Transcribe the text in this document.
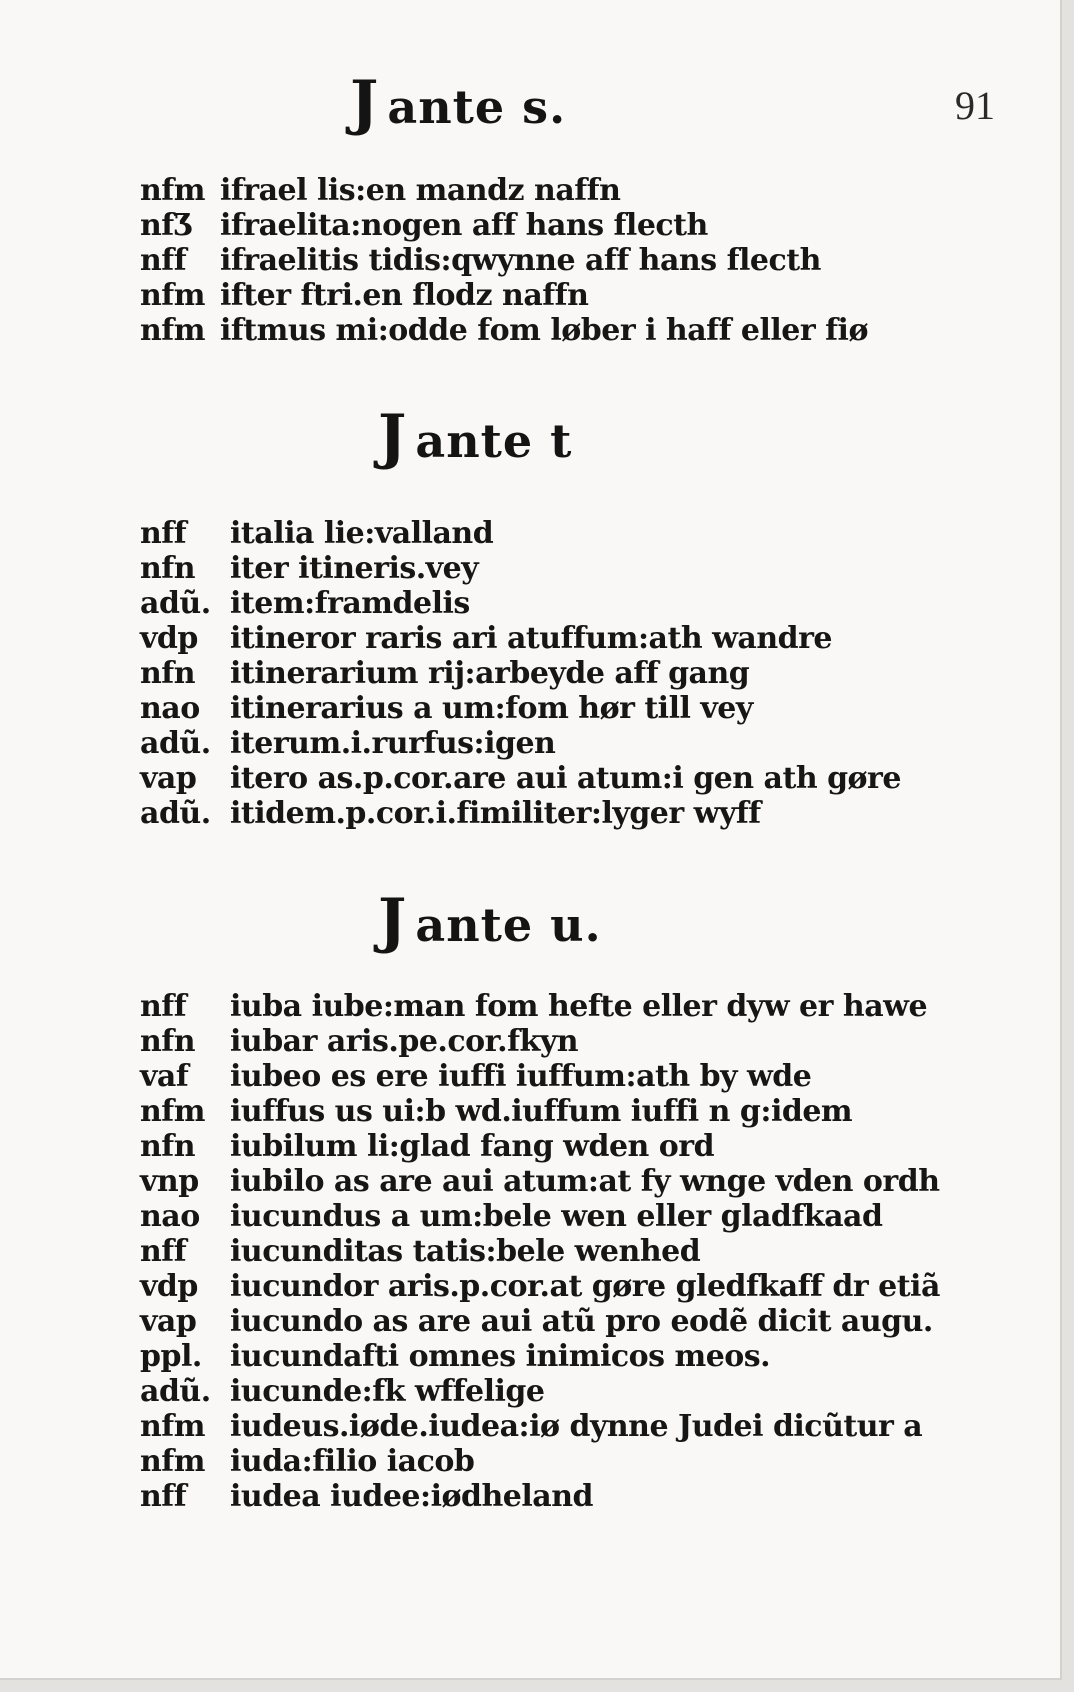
91
J ante s.
nfm ifrael lis:en mandz naffn
nfƷ ifraelita:nogen aff hans flecth
nff ifraelitis tidis:qwynne aff hans flecth
nfm ifter ftri.en flodz naffn
nfm iftmus mi:odde fom løber i haff eller fiø
J ante t
nff italia lie:valland
nfn iter itineris.vey
adũ. item:framdelis
vdp itineror raris ari atuffum:ath wandre
nfn itinerarium rij:arbeyde aff gang
nao itinerarius a um:fom hør till vey
adũ. iterum.i.rurfus:igen
vap itero as.p.cor.are aui atum:i gen ath gøre
adũ. itidem.p.cor.i.fimiliter:lyger wyff
J ante u.
nff iuba iube:man fom hefte eller dyw er hawe
nfn iubar aris.pe.cor.fkyn
vaf iubeo es ere iuffi iuffum:ath by wde
nfm iuffus us ui:b wd.iuffum iuffi n g:idem
nfn iubilum li:glad fang wden ord
vnp iubilo as are aui atum:at fy wnge vden ordh
nao iucundus a um:bele wen eller gladfkaad
nff iucunditas tatis:bele wenhed
vdp iucundor aris.p.cor.at gøre gledfkaff dr etiã
vap iucundo as are aui atũ pro eodẽ dicit augu.
ppl. iucundafti omnes inimicos meos.
adũ. iucunde:fk wffelige
nfm iudeus.iøde.iudea:iø dynne Judei dicũtur a
nfm iuda:filio iacob
nff iudea iudee:iødheland
